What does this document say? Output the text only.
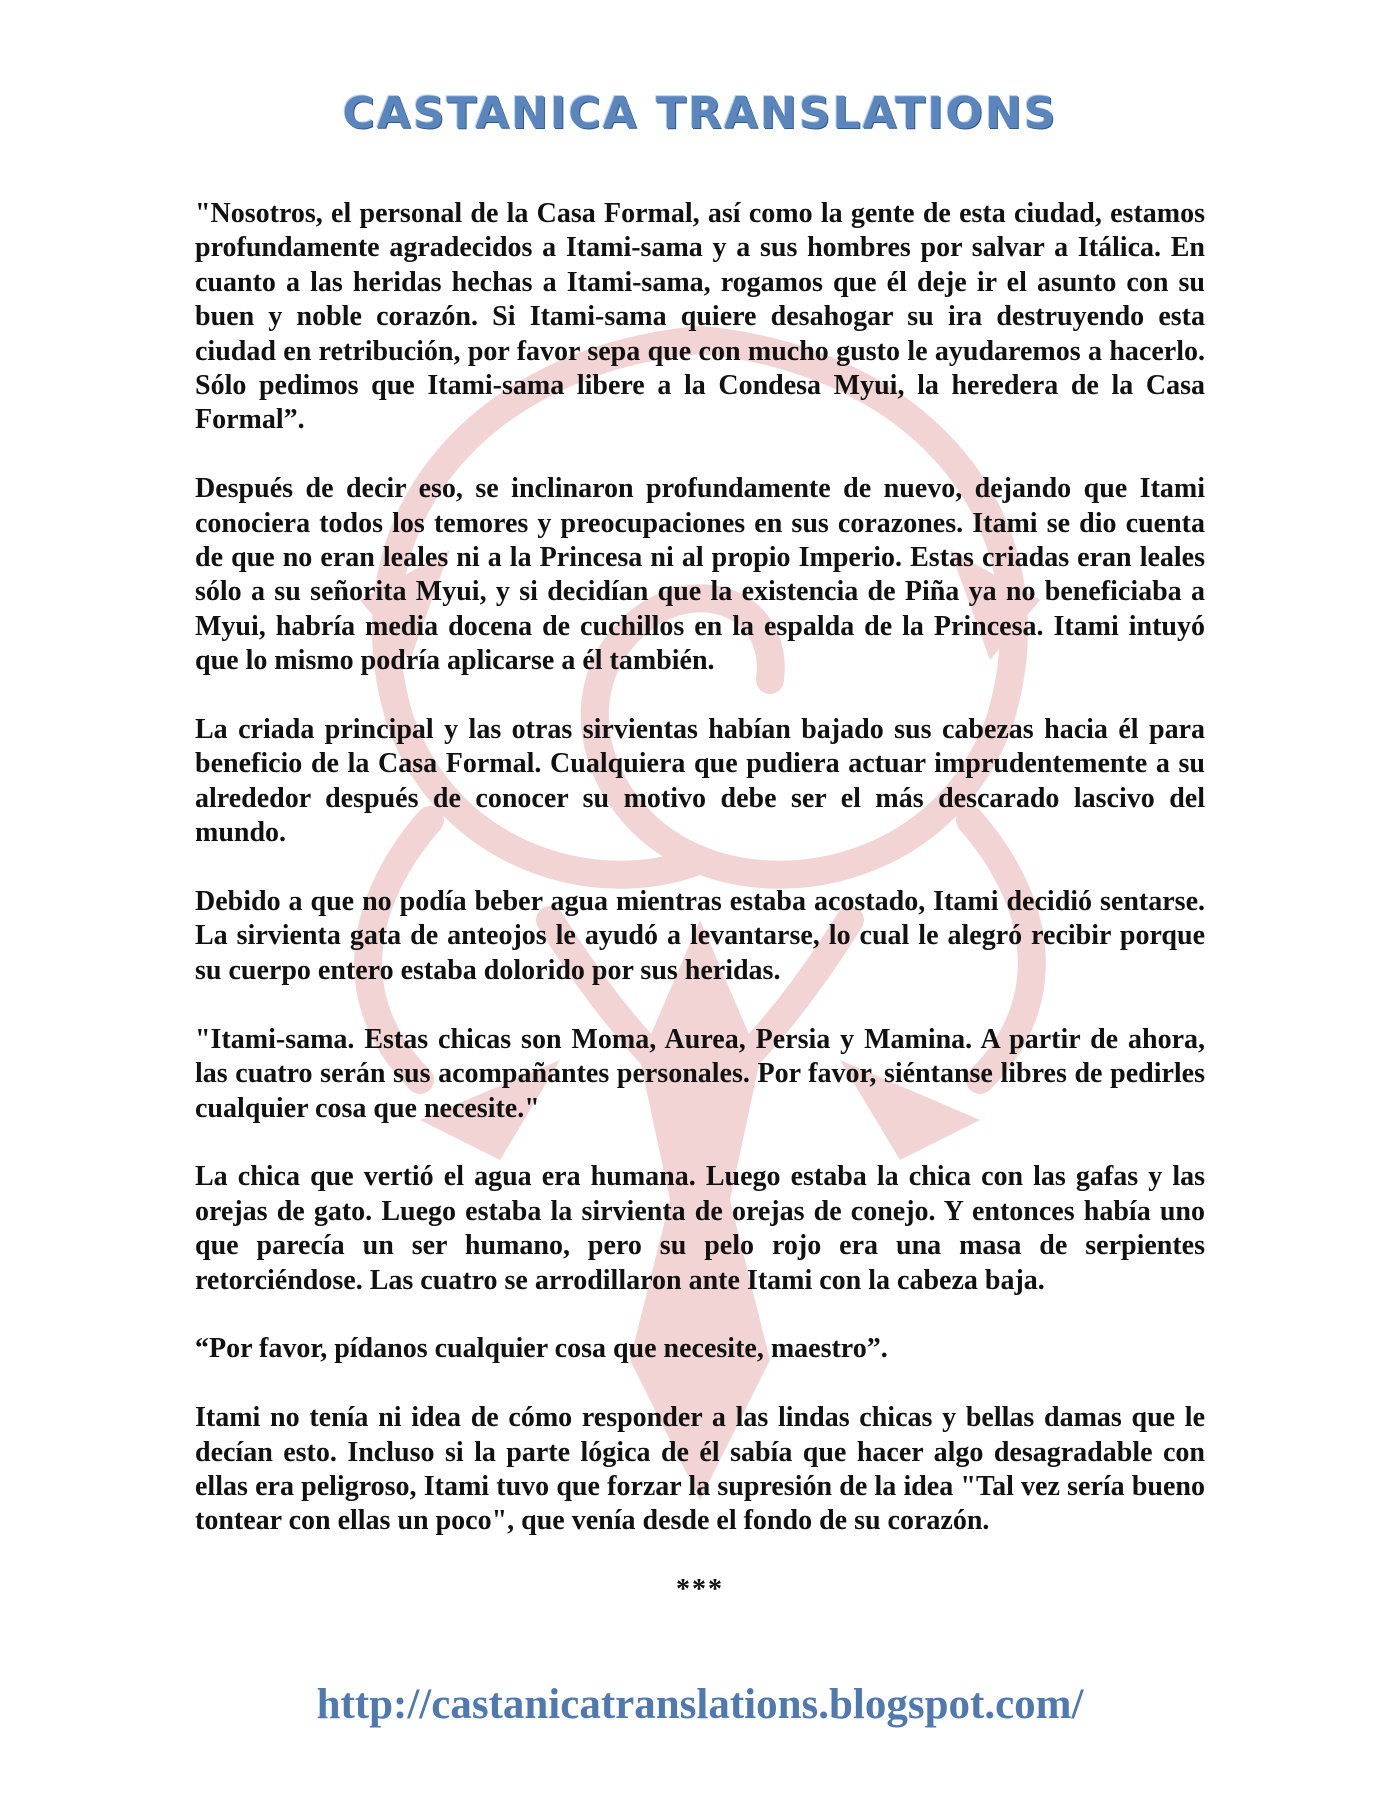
CASTANICA TRANSLATIONS

"Nosotros, el personal de la Casa Formal, así como la gente de esta ciudad, estamos profundamente agradecidos a Itami-sama y a sus hombres por salvar a Itálica. En cuanto a las heridas hechas a Itami-sama, rogamos que él deje ir el asunto con su buen y noble corazón. Si Itami-sama quiere desahogar su ira destruyendo esta ciudad en retribución, por favor sepa que con mucho gusto le ayudaremos a hacerlo. Sólo pedimos que Itami-sama libere a la Condesa Myui, la heredera de la Casa Formal”.

Después de decir eso, se inclinaron profundamente de nuevo, dejando que Itami conociera todos los temores y preocupaciones en sus corazones. Itami se dio cuenta de que no eran leales ni a la Princesa ni al propio Imperio. Estas criadas eran leales sólo a su señorita Myui, y si decidían que la existencia de Piña ya no beneficiaba a Myui, habría media docena de cuchillos en la espalda de la Princesa. Itami intuyó que lo mismo podría aplicarse a él también.

La criada principal y las otras sirvientas habían bajado sus cabezas hacia él para beneficio de la Casa Formal. Cualquiera que pudiera actuar imprudentemente a su alrededor después de conocer su motivo debe ser el más descarado lascivo del mundo.

Debido a que no podía beber agua mientras estaba acostado, Itami decidió sentarse. La sirvienta gata de anteojos le ayudó a levantarse, lo cual le alegró recibir porque su cuerpo entero estaba dolorido por sus heridas.

"Itami-sama. Estas chicas son Moma, Aurea, Persia y Mamina. A partir de ahora, las cuatro serán sus acompañantes personales. Por favor, siéntanse libres de pedirles cualquier cosa que necesite."

La chica que vertió el agua era humana. Luego estaba la chica con las gafas y las orejas de gato. Luego estaba la sirvienta de orejas de conejo. Y entonces había uno que parecía un ser humano, pero su pelo rojo era una masa de serpientes retorciéndose. Las cuatro se arrodillaron ante Itami con la cabeza baja.

“Por favor, pídanos cualquier cosa que necesite, maestro”.

Itami no tenía ni idea de cómo responder a las lindas chicas y bellas damas que le decían esto. Incluso si la parte lógica de él sabía que hacer algo desagradable con ellas era peligroso, Itami tuvo que forzar la supresión de la idea "Tal vez sería bueno tontear con ellas un poco", que venía desde el fondo de su corazón.

***

http://castanicatranslations.blogspot.com/
